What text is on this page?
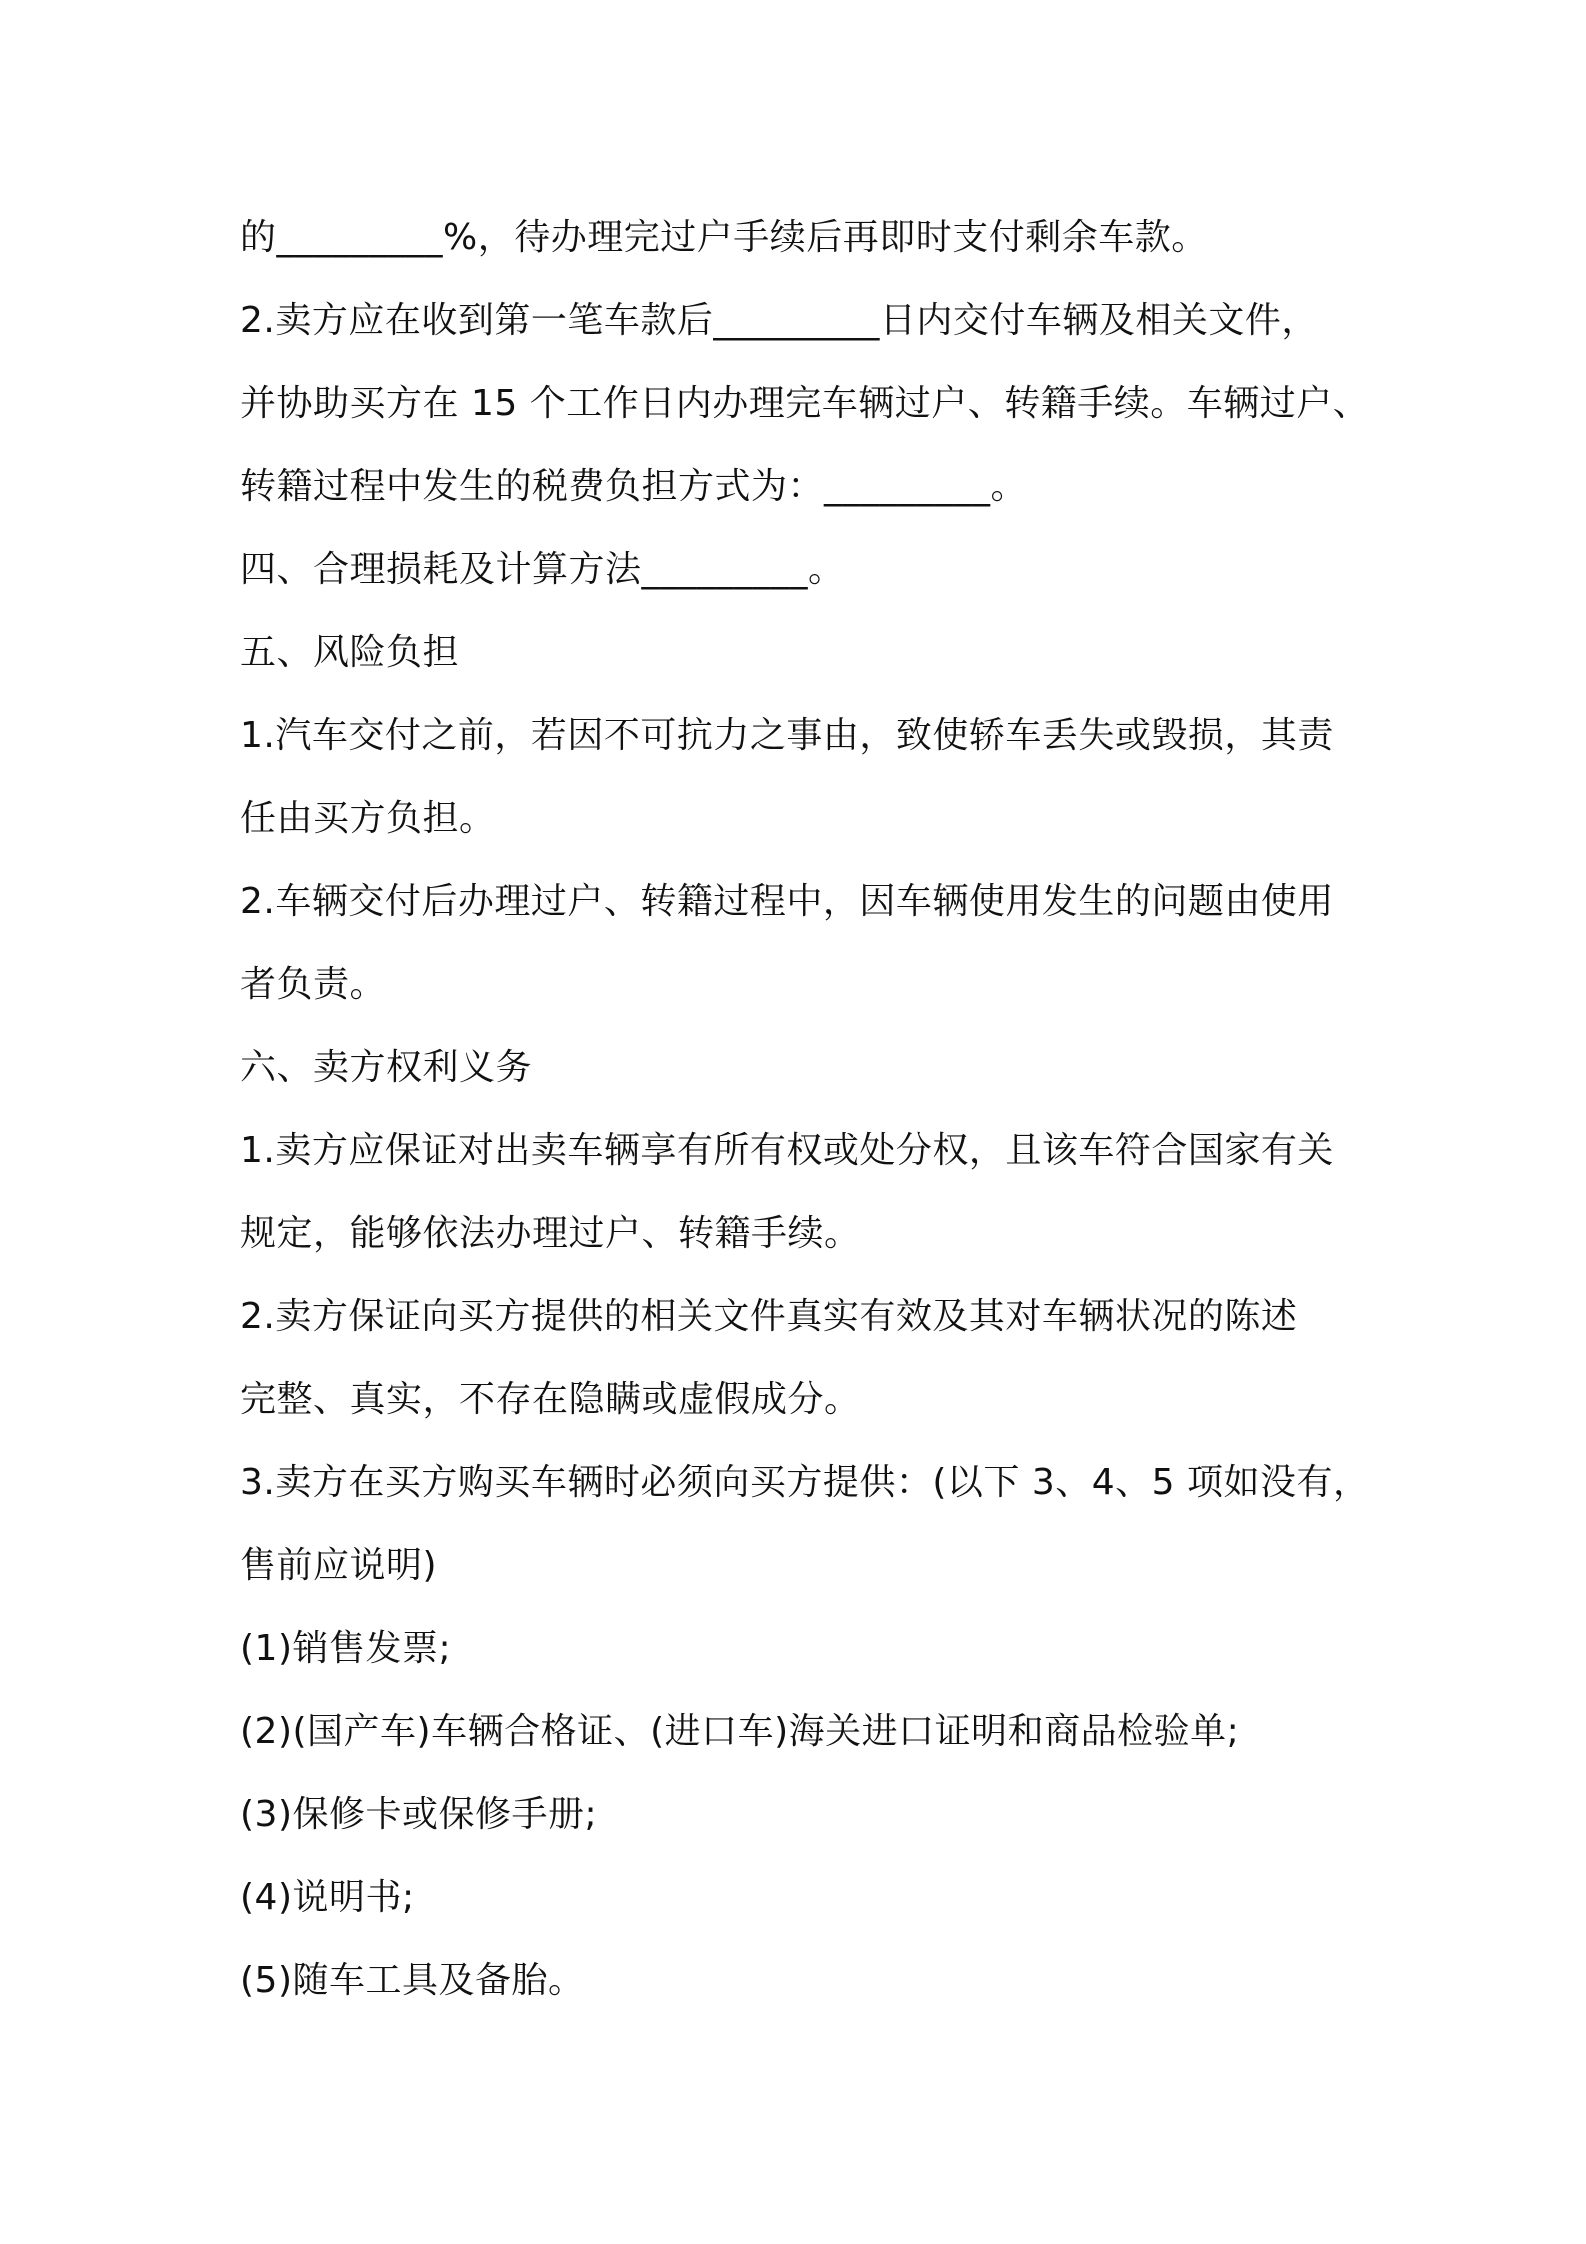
的_________%，待办理完过户手续后再即时支付剩余车款。
2.卖方应在收到第一笔车款后_________日内交付车辆及相关文件，
并协助买方在 15 个工作日内办理完车辆过户、转籍手续。车辆过户、
转籍过程中发生的税费负担方式为：_________。
四、合理损耗及计算方法_________。
五、风险负担
1.汽车交付之前，若因不可抗力之事由，致使轿车丢失或毁损，其责
任由买方负担。
2.车辆交付后办理过户、转籍过程中，因车辆使用发生的问题由使用
者负责。
六、卖方权利义务
1.卖方应保证对出卖车辆享有所有权或处分权，且该车符合国家有关
规定，能够依法办理过户、转籍手续。
2.卖方保证向买方提供的相关文件真实有效及其对车辆状况的陈述
完整、真实，不存在隐瞒或虚假成分。
3.卖方在买方购买车辆时必须向买方提供：(以下 3、4、5 项如没有，
售前应说明)
(1)销售发票;
(2)(国产车)车辆合格证、(进口车)海关进口证明和商品检验单;
(3)保修卡或保修手册;
(4)说明书;
(5)随车工具及备胎。
